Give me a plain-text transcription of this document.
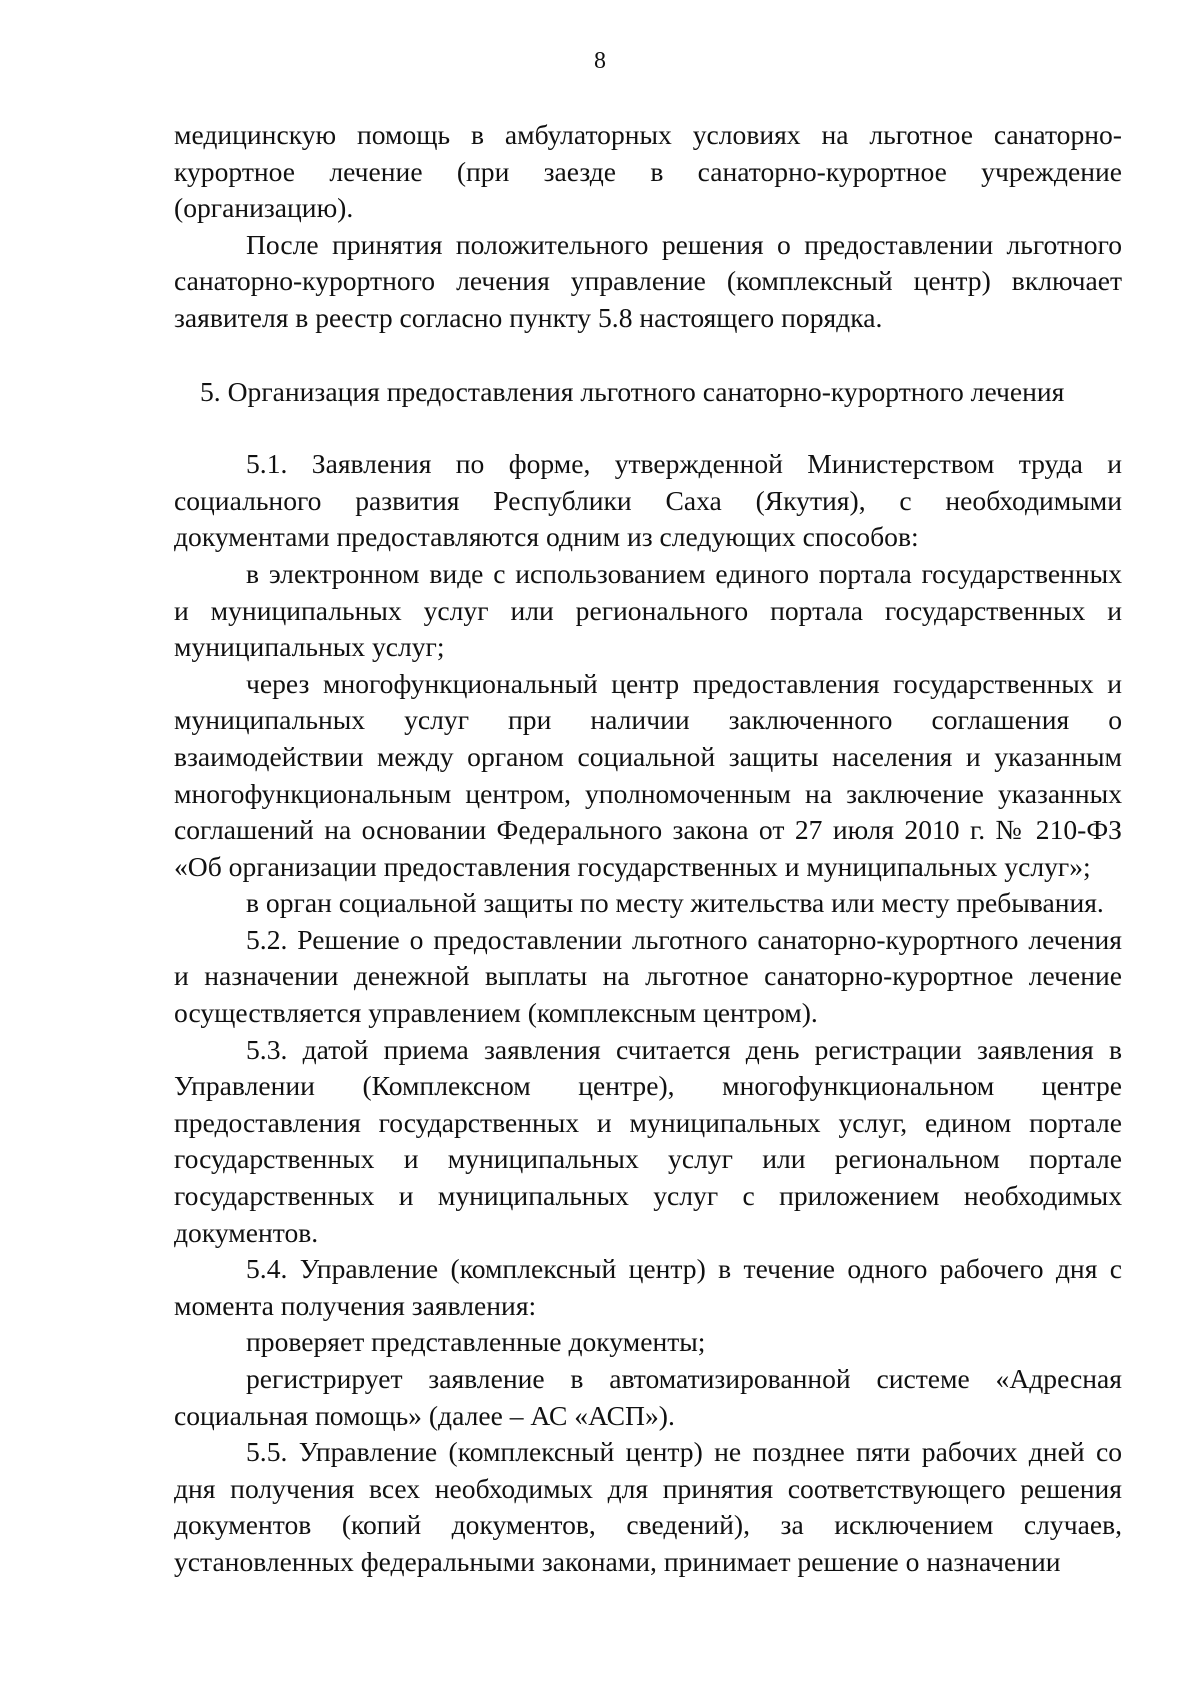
8

медицинскую помощь в амбулаторных условиях на льготное санаторно-курортное лечение (при заезде в санаторно-курортное учреждение (организацию).

После принятия положительного решения о предоставлении льготного санаторно-курортного лечения управление (комплексный центр) включает заявителя в реестр согласно пункту 5.8 настоящего порядка.

5. Организация предоставления льготного санаторно-курортного лечения

5.1. Заявления по форме, утвержденной Министерством труда и социального развития Республики Саха (Якутия), с необходимыми документами предоставляются одним из следующих способов:

в электронном виде с использованием единого портала государственных и муниципальных услуг или регионального портала государственных и муниципальных услуг;

через многофункциональный центр предоставления государственных и муниципальных услуг при наличии заключенного соглашения о взаимодействии между органом социальной защиты населения и указанным многофункциональным центром, уполномоченным на заключение указанных соглашений на основании Федерального закона от 27 июля 2010 г. № 210-ФЗ «Об организации предоставления государственных и муниципальных услуг»;

в орган социальной защиты по месту жительства или месту пребывания.

5.2. Решение о предоставлении льготного санаторно-курортного лечения и назначении денежной выплаты на льготное санаторно-курортное лечение осуществляется управлением (комплексным центром).

5.3. датой приема заявления считается день регистрации заявления в Управлении (Комплексном центре), многофункциональном центре предоставления государственных и муниципальных услуг, едином портале государственных и муниципальных услуг или региональном портале государственных и муниципальных услуг с приложением необходимых документов.

5.4. Управление (комплексный центр) в течение одного рабочего дня с момента получения заявления:

проверяет представленные документы;

регистрирует заявление в автоматизированной системе «Адресная социальная помощь» (далее – АС «АСП»).

5.5. Управление (комплексный центр) не позднее пяти рабочих дней со дня получения всех необходимых для принятия соответствующего решения документов (копий документов, сведений), за исключением случаев, установленных федеральными законами, принимает решение о назначении
